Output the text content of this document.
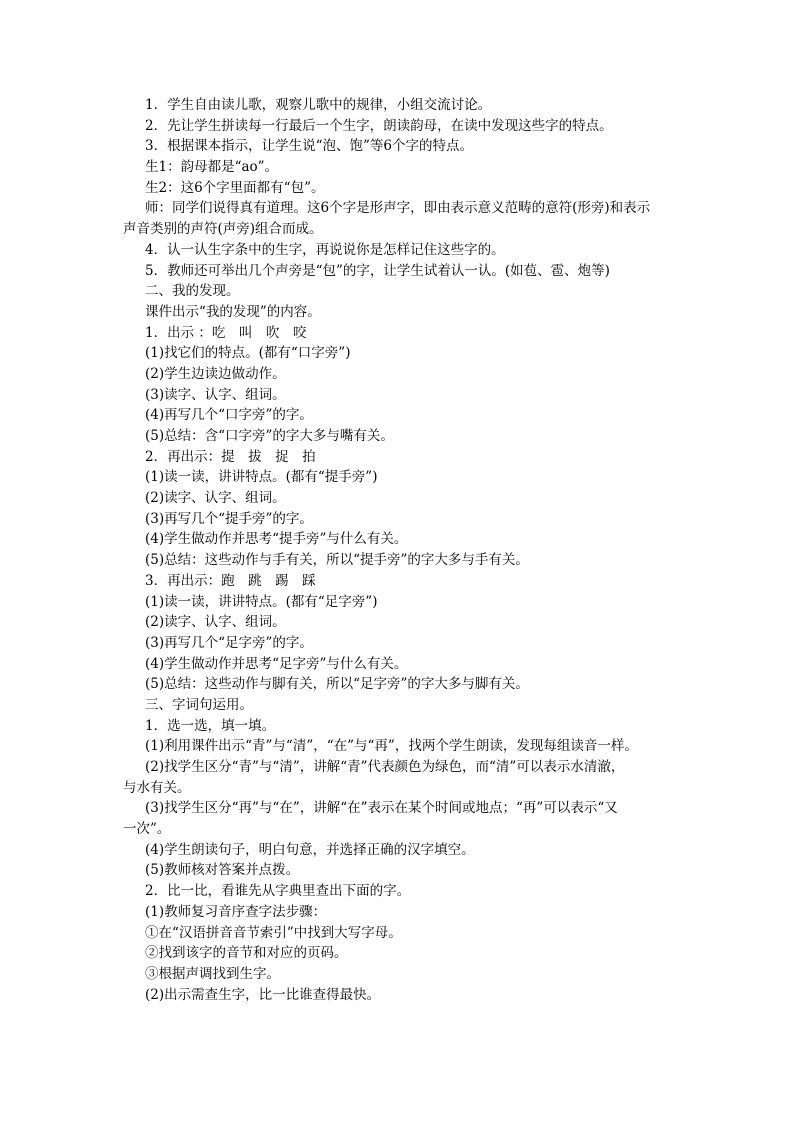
1．学生自由读儿歌，观察儿歌中的规律，小组交流讨论。
2．先让学生拼读每一行最后一个生字，朗读韵母，在读中发现这些字的特点。
3．根据课本指示，让学生说“泡、饱”等6个字的特点。
生1：韵母都是“ao”。
生2：这6个字里面都有“包”。
师：同学们说得真有道理。这6个字是形声字，即由表示意义范畴的意符(形旁)和表示
声音类别的声符(声旁)组合而成。
4．认一认生字条中的生字，再说说你是怎样记住这些字的。
5．教师还可举出几个声旁是“包”的字，让学生试着认一认。(如苞、雹、炮等)
二、我的发现。
课件出示“我的发现”的内容。
1．出示 ：吃　叫　吹　咬
(1)找它们的特点。(都有“口字旁”)
(2)学生边读边做动作。
(3)读字、认字、组词。
(4)再写几个“口字旁”的字。
(5)总结：含“口字旁”的字大多与嘴有关。
2．再出示：提　拔　捉　拍
(1)读一读，讲讲特点。(都有“提手旁”)
(2)读字、认字、组词。
(3)再写几个“提手旁”的字。
(4)学生做动作并思考“提手旁”与什么有关。
(5)总结：这些动作与手有关，所以“提手旁”的字大多与手有关。
3．再出示：跑　跳　踢　踩
(1)读一读，讲讲特点。(都有“足字旁”)
(2)读字、认字、组词。
(3)再写几个“足字旁”的字。
(4)学生做动作并思考“足字旁”与什么有关。
(5)总结：这些动作与脚有关，所以“足字旁”的字大多与脚有关。
三、字词句运用。
1．选一选，填一填。
(1)利用课件出示“青”与“清”，“在”与“再”，找两个学生朗读，发现每组读音一样。
(2)找学生区分“青”与“清”，讲解“青”代表颜色为绿色，而“清”可以表示水清澈，
与水有关。
(3)找学生区分“再”与“在”，讲解“在”表示在某个时间或地点；“再”可以表示“又
一次”。
(4)学生朗读句子，明白句意，并选择正确的汉字填空。
(5)教师核对答案并点拨。
2．比一比，看谁先从字典里查出下面的字。
(1)教师复习音序查字法步骤：
①在“汉语拼音音节索引”中找到大写字母。
②找到该字的音节和对应的页码。
③根据声调找到生字。
(2)出示需查生字，比一比谁查得最快。
